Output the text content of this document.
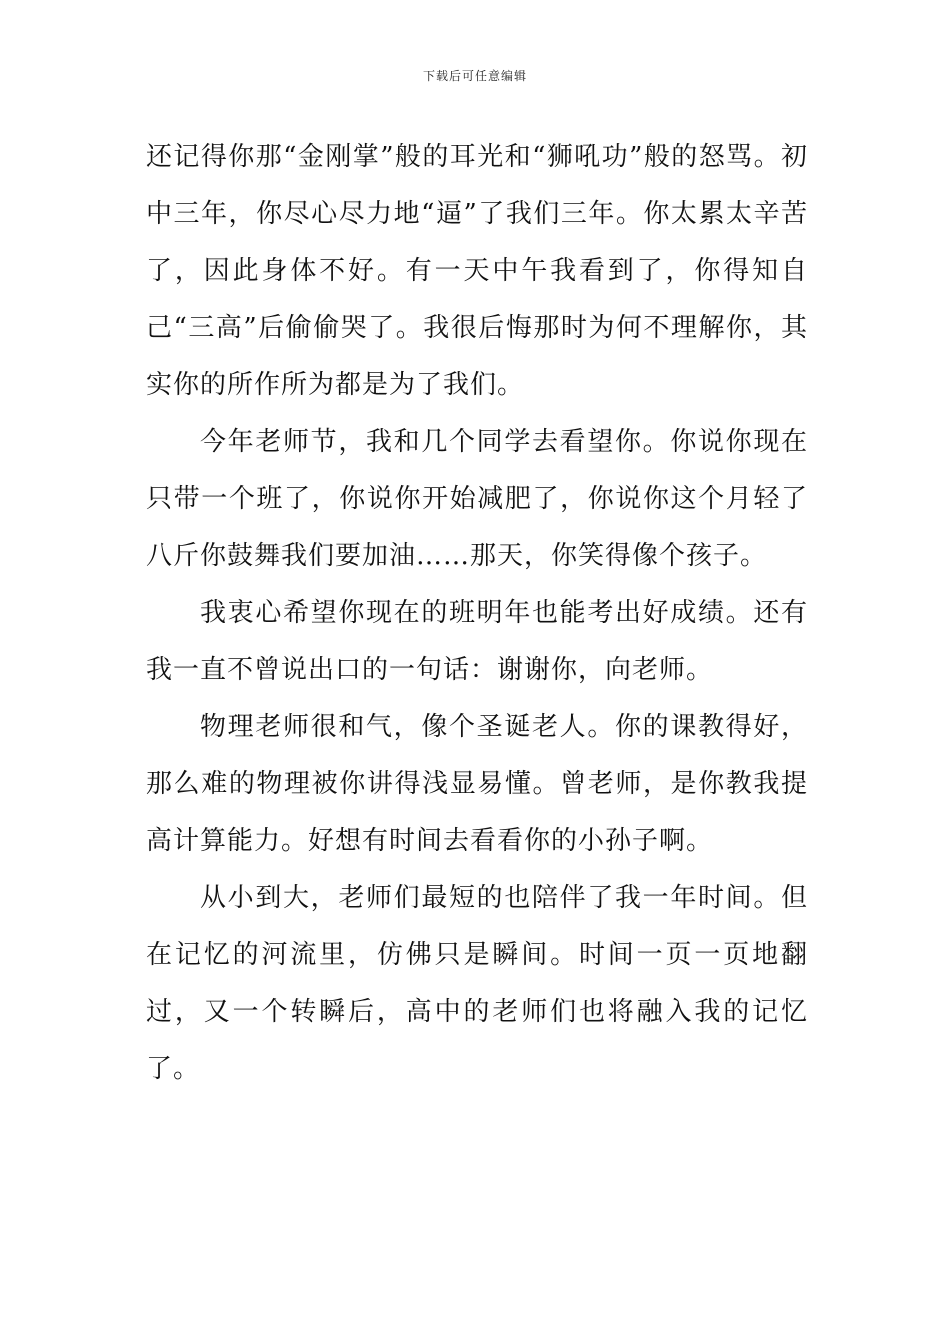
下载后可任意编辑

还记得你那“金刚掌”般的耳光和“狮吼功”般的怒骂。初中三年，你尽心尽力地“逼”了我们三年。你太累太辛苦了，因此身体不好。有一天中午我看到了，你得知自己“三高”后偷偷哭了。我很后悔那时为何不理解你，其实你的所作所为都是为了我们。

今年老师节，我和几个同学去看望你。你说你现在只带一个班了，你说你开始减肥了，你说你这个月轻了八斤你鼓舞我们要加油……那天，你笑得像个孩子。

我衷心希望你现在的班明年也能考出好成绩。还有我一直不曾说出口的一句话：谢谢你，向老师。

物理老师很和气，像个圣诞老人。你的课教得好，那么难的物理被你讲得浅显易懂。曾老师，是你教我提高计算能力。好想有时间去看看你的小孙子啊。

从小到大，老师们最短的也陪伴了我一年时间。但在记忆的河流里，仿佛只是瞬间。时间一页一页地翻过，又一个转瞬后，高中的老师们也将融入我的记忆了。
